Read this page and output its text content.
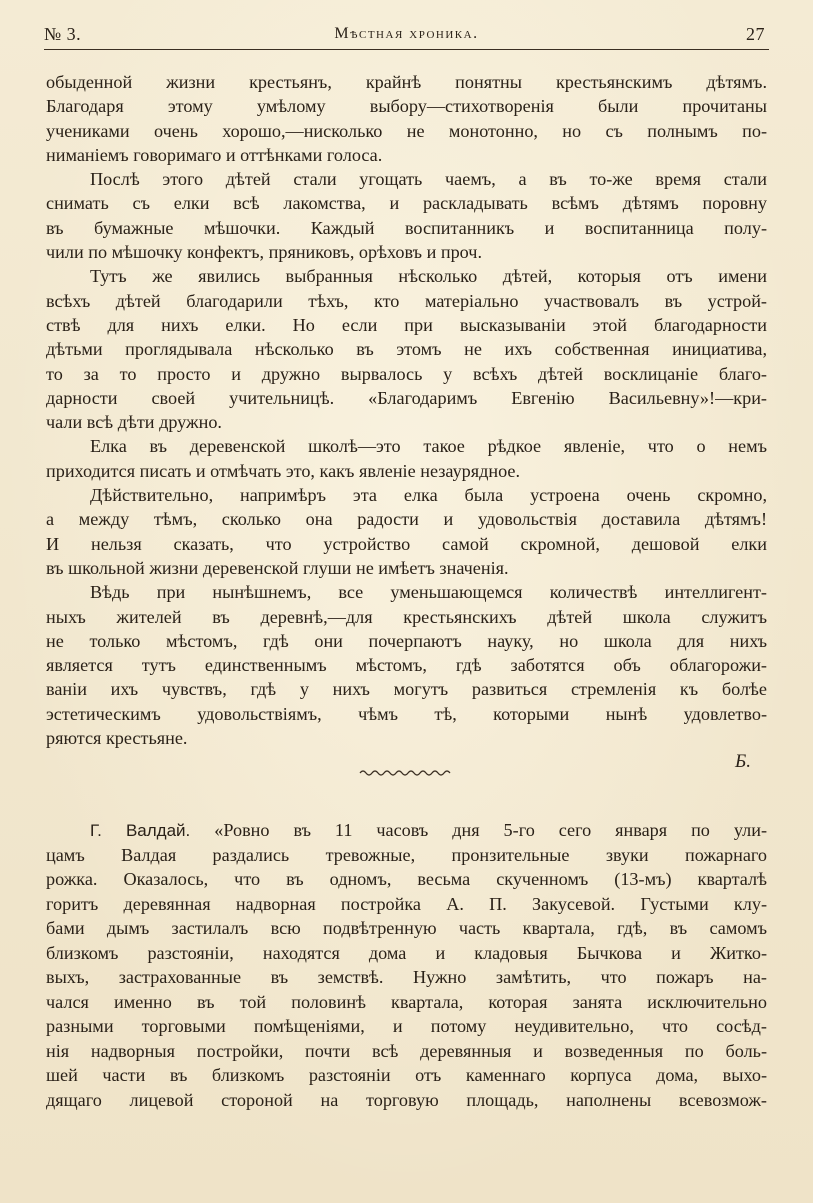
№ 3.	Мѣстная хроника.	27
обыденной жизни крестьянъ, крайнѣ понятны крестьянскимъ дѣтямъ.
Благодаря этому умѣлому выбору—стихотворенія были прочитаны
учениками очень хорошо,—нисколько не монотонно, но съ полнымъ по-
ниманіемъ говоримаго и оттѣнками голоса.
Послѣ этого дѣтей стали угощать чаемъ, а въ то-же время стали
снимать съ елки всѣ лакомства, и раскладывать всѣмъ дѣтямъ поровну
въ бумажные мѣшочки. Каждый воспитанникъ и воспитанница полу-
чили по мѣшочку конфектъ, пряниковъ, орѣховъ и проч.
Тутъ же явились выбранныя нѣсколько дѣтей, которыя отъ имени
всѣхъ дѣтей благодарили тѣхъ, кто матеріально участвовалъ въ устрой-
ствѣ для нихъ елки. Но если при высказываніи этой благодарности
дѣтьми проглядывала нѣсколько въ этомъ не ихъ собственная инициатива,
то за то просто и дружно вырвалось у всѣхъ дѣтей восклицаніе благо-
дарности своей учительницѣ. «Благодаримъ Евгенію Васильевну»!—кри-
чали всѣ дѣти дружно.
Елка въ деревенской школѣ—это такое рѣдкое явленіе, что о немъ
приходится писать и отмѣчать это, какъ явленіе незаурядное.
Дѣйствительно, напримѣръ эта елка была устроена очень скромно,
а между тѣмъ, сколько она радости и удовольствія доставила дѣтямъ!
И нельзя сказать, что устройство самой скромной, дешовой елки
въ школьной жизни деревенской глуши не имѣетъ значенія.
Вѣдь при нынѣшнемъ, все уменьшающемся количествѣ интеллигент-
ныхъ жителей въ деревнѣ,—для крестьянскихъ дѣтей школа служитъ
не только мѣстомъ, гдѣ они почерпаютъ науку, но школа для нихъ
является тутъ единственнымъ мѣстомъ, гдѣ заботятся объ облагорожи-
ваніи ихъ чувствъ, гдѣ у нихъ могутъ развиться стремленія къ болѣе
эстетическимъ удовольствіямъ, чѣмъ тѣ, которыми нынѣ удовлетво-
ряются крестьяне.
Б.
Г. Валдай. «Ровно въ 11 часовъ дня 5-го сего января по ули-
цамъ Валдая раздались тревожные, пронзительные звуки пожарнаго
рожка. Оказалось, что въ одномъ, весьма скученномъ (13-мъ) кварталѣ
горитъ деревянная надворная постройка А. П. Закусевой. Густыми клу-
бами дымъ застилалъ всю подвѣтренную часть квартала, гдѣ, въ самомъ
близкомъ разстояніи, находятся дома и кладовыя Бычкова и Житко-
выхъ, застрахованные въ земствѣ. Нужно замѣтить, что пожаръ на-
чался именно въ той половинѣ квартала, которая занята исключительно
разными торговыми помѣщеніями, и потому неудивительно, что сосѣд-
нія надворныя постройки, почти всѣ деревянныя и возведенныя по боль-
шей части въ близкомъ разстояніи отъ каменнаго корпуса дома, выхо-
дящаго лицевой стороной на торговую площадь, наполнены всевозмож-
